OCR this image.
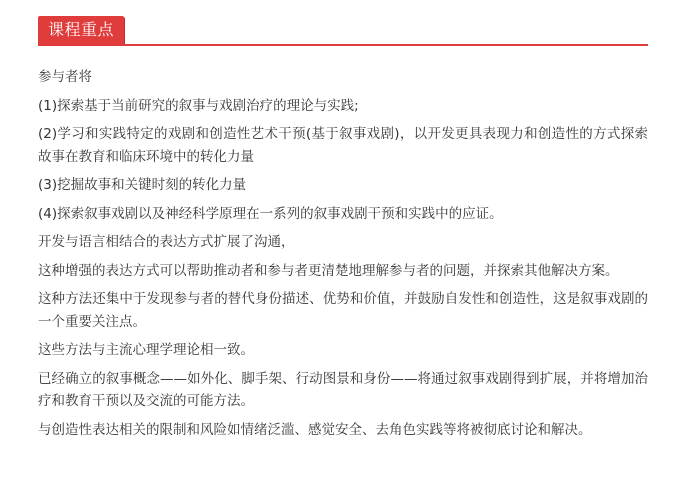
课程重点

参与者将

(1)探索基于当前研究的叙事与戏剧治疗的理论与实践;

(2)学习和实践特定的戏剧和创造性艺术干预(基于叙事戏剧)，以开发更具表现力和创造性的方式探索故事在教育和临床环境中的转化力量

(3)挖掘故事和关键时刻的转化力量

(4)探索叙事戏剧以及神经科学原理在一系列的叙事戏剧干预和实践中的应证。

开发与语言相结合的表达方式扩展了沟通，

这种增强的表达方式可以帮助推动者和参与者更清楚地理解参与者的问题，并探索其他解决方案。

这种方法还集中于发现参与者的替代身份描述、优势和价值，并鼓励自发性和创造性，这是叙事戏剧的一个重要关注点。

这些方法与主流心理学理论相一致。

已经确立的叙事概念——如外化、脚手架、行动图景和身份——将通过叙事戏剧得到扩展，并将增加治疗和教育干预以及交流的可能方法。

与创造性表达相关的限制和风险如情绪泛滥、感觉安全、去角色实践等将被彻底讨论和解决。
